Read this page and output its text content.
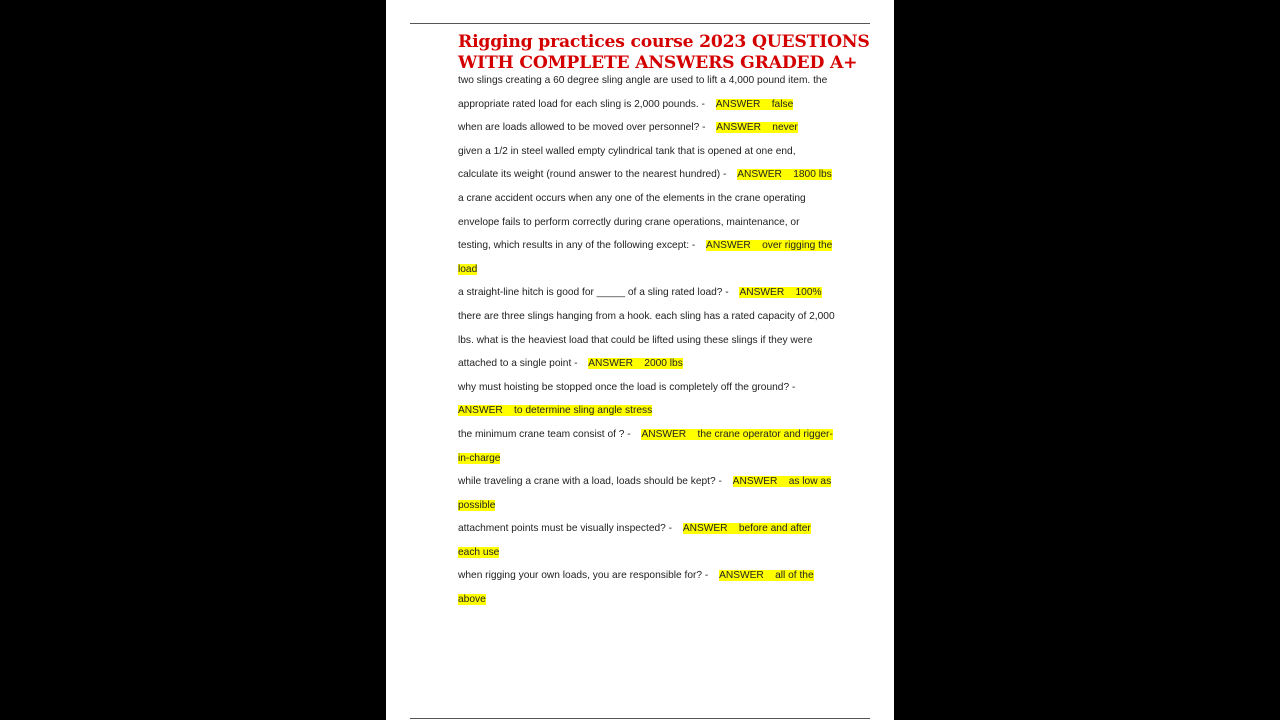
Rigging practices course 2023 QUESTIONS
WITH COMPLETE ANSWERS GRADED A+
two slings creating a 60 degree sling angle are used to lift a 4,000 pound item. the
appropriate rated load for each sling is 2,000 pounds. -    ANSWER    false
when are loads allowed to be moved over personnel? -    ANSWER    never
given a 1/2 in steel walled empty cylindrical tank that is opened at one end,
calculate its weight (round answer to the nearest hundred) -    ANSWER    1800 lbs
a crane accident occurs when any one of the elements in the crane operating
envelope fails to perform correctly during crane operations, maintenance, or
testing, which results in any of the following except: -    ANSWER    over rigging the
load
a straight-line hitch is good for _____ of a sling rated load? -    ANSWER    100%
there are three slings hanging from a hook. each sling has a rated capacity of 2,000
lbs. what is the heaviest load that could be lifted using these slings if they were
attached to a single point -    ANSWER    2000 lbs
why must hoisting be stopped once the load is completely off the ground? -
ANSWER    to determine sling angle stress
the minimum crane team consist of ? -    ANSWER    the crane operator and rigger-
in-charge
while traveling a crane with a load, loads should be kept? -    ANSWER    as low as
possible
attachment points must be visually inspected? -    ANSWER    before and after
each use
when rigging your own loads, you are responsible for? -    ANSWER    all of the
above
